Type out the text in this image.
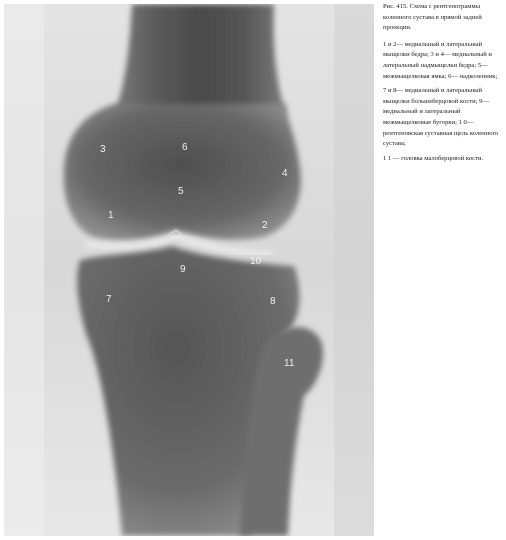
1
2
3
4
5
6
7	8
9
10
11

Рис. 415. Схема с рентгенограммы коленного сустава в прямой задней проекции.

1 и 2— медиальный и латеральный мыщелки бедра; 3 и 4— медиальный и латеральный надмыщелки бедра; 5— межмыщелковая ямка; 6— надколенник;

7 и 8— медиальный и латеральный мыщелки большеберцовой кости; 9— медиальный и латеральный межмыщелковые бугорки; 1 0— рентгеновская суставная щель коленного сустава;

1 1 — головка малоберцовой кости.
